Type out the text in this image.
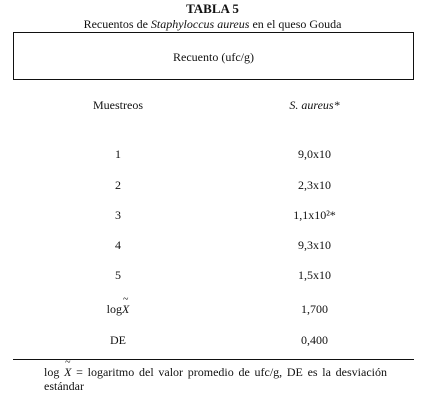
TABLA 5
Recuentos de Staphyloccus aureus en el queso Gouda
Recuento (ufc/g)
Muestreos	S. aureus*
1	9,0x10
2	2,3x10
3	1,1x10²*
4	9,3x10
5	1,5x10
log
~
X	1,700
DE	0,400
log
~
X = logaritmo del valor promedio de ufc/g, DE es la desviación estándar
